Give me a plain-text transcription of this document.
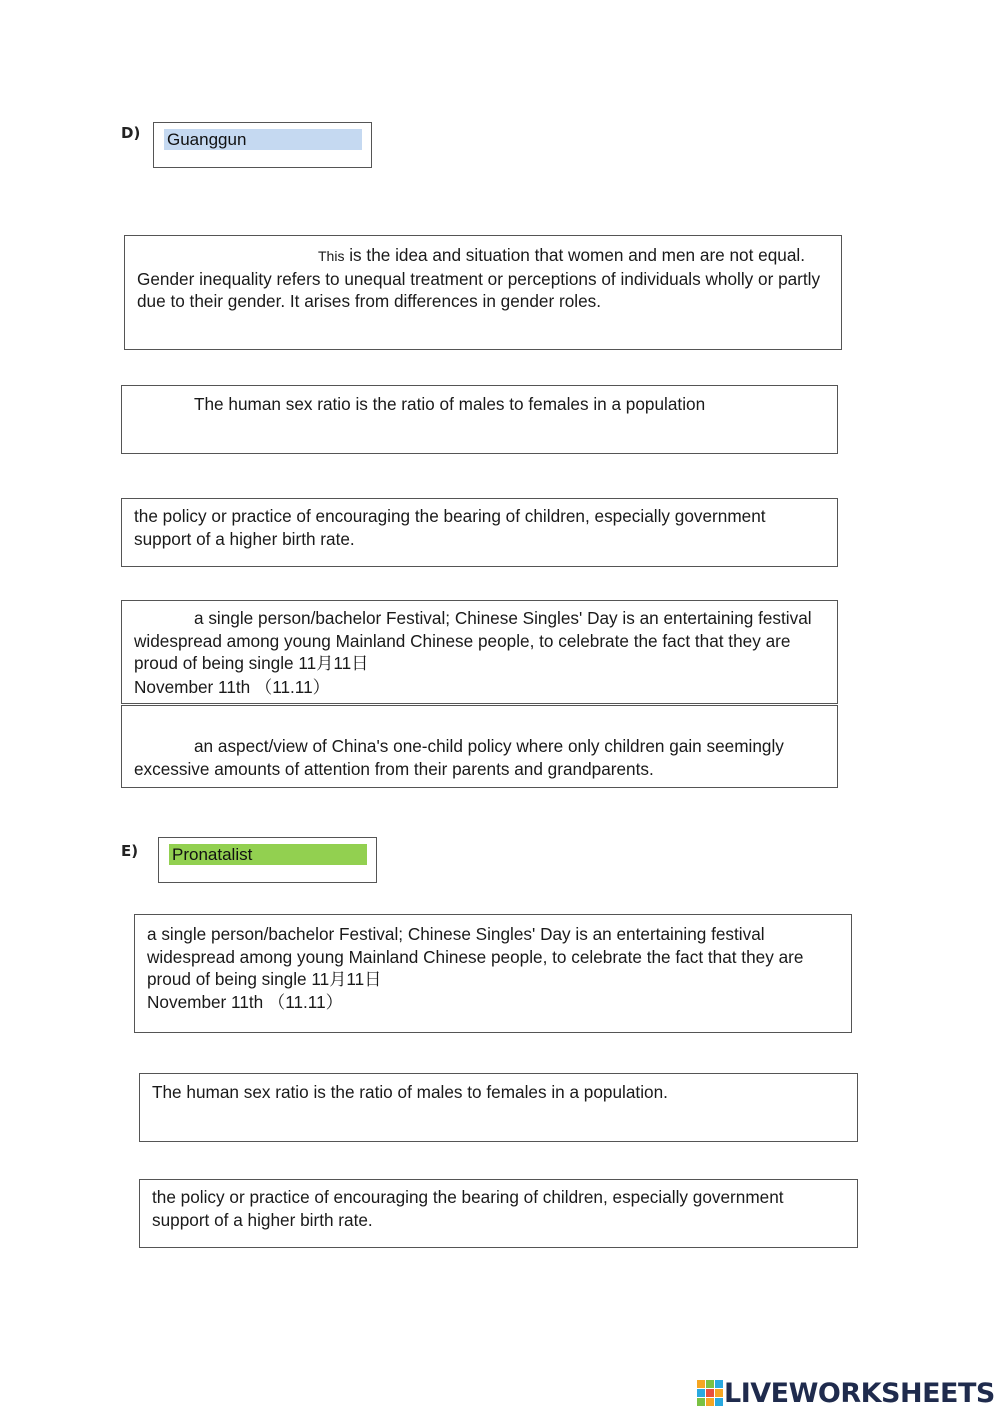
D) Guanggun

This is the idea and situation that women and men are not equal. Gender inequality refers to unequal treatment or perceptions of individuals wholly or partly due to their gender. It arises from differences in gender roles.

The human sex ratio is the ratio of males to females in a population

the policy or practice of encouraging the bearing of children, especially government support of a higher birth rate.

a single person/bachelor Festival; Chinese Singles' Day is an entertaining festival widespread among young Mainland Chinese people, to celebrate the fact that they are proud of being single 11月11日

November 11th （11.11）

an aspect/view of China's one-child policy where only children gain seemingly excessive amounts of attention from their parents and grandparents.

E) Pronatalist

a single person/bachelor Festival; Chinese Singles' Day is an entertaining festival widespread among young Mainland Chinese people, to celebrate the fact that they are proud of being single 11月11日

November 11th （11.11）

The human sex ratio is the ratio of males to females in a population.

the policy or practice of encouraging the bearing of children, especially government support of a higher birth rate.

LIVEWORKSHEETS
